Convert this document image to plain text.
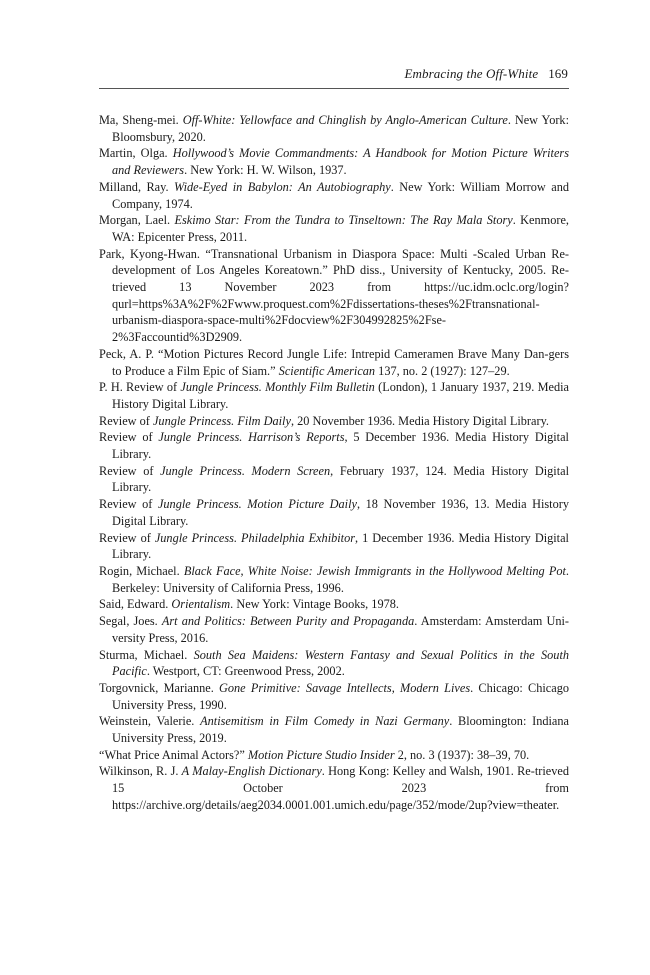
Embracing the Off-White 169
Ma, Sheng-mei. Off-White: Yellowface and Chinglish by Anglo-American Culture. New York: Bloomsbury, 2020.
Martin, Olga. Hollywood’s Movie Commandments: A Handbook for Motion Picture Writers and Reviewers. New York: H. W. Wilson, 1937.
Milland, Ray. Wide-Eyed in Babylon: An Autobiography. New York: William Morrow and Company, 1974.
Morgan, Lael. Eskimo Star: From the Tundra to Tinseltown: The Ray Mala Story. Kenmore, WA: Epicenter Press, 2011.
Park, Kyong-Hwan. “Transnational Urbanism in Diaspora Space: Multi -Scaled Urban Re-development of Los Angeles Koreatown.” PhD diss., University of Kentucky, 2005. Re-trieved 13 November 2023 from https://uc.idm.oclc.org/login?qurl=https%3A%2F%2Fwww.proquest.com%2Fdissertations-theses%2Ftransnational-urbanism-diaspora-space-multi%2Fdocview%2F304992825%2Fse-2%3Faccountid%3D2909.
Peck, A. P. “Motion Pictures Record Jungle Life: Intrepid Cameramen Brave Many Dan-gers to Produce a Film Epic of Siam.” Scientific American 137, no. 2 (1927): 127–29.
P. H. Review of Jungle Princess. Monthly Film Bulletin (London), 1 January 1937, 219. Media History Digital Library.
Review of Jungle Princess. Film Daily, 20 November 1936. Media History Digital Library.
Review of Jungle Princess. Harrison’s Reports, 5 December 1936. Media History Digital Library.
Review of Jungle Princess. Modern Screen, February 1937, 124. Media History Digital Library.
Review of Jungle Princess. Motion Picture Daily, 18 November 1936, 13. Media History Digital Library.
Review of Jungle Princess. Philadelphia Exhibitor, 1 December 1936. Media History Digital Library.
Rogin, Michael. Black Face, White Noise: Jewish Immigrants in the Hollywood Melting Pot. Berkeley: University of California Press, 1996.
Said, Edward. Orientalism. New York: Vintage Books, 1978.
Segal, Joes. Art and Politics: Between Purity and Propaganda. Amsterdam: Amsterdam Uni-versity Press, 2016.
Sturma, Michael. South Sea Maidens: Western Fantasy and Sexual Politics in the South Pacific. Westport, CT: Greenwood Press, 2002.
Torgovnick, Marianne. Gone Primitive: Savage Intellects, Modern Lives. Chicago: Chicago University Press, 1990.
Weinstein, Valerie. Antisemitism in Film Comedy in Nazi Germany. Bloomington: Indiana University Press, 2019.
“What Price Animal Actors?” Motion Picture Studio Insider 2, no. 3 (1937): 38–39, 70.
Wilkinson, R. J. A Malay-English Dictionary. Hong Kong: Kelley and Walsh, 1901. Re-trieved 15 October 2023 from https://archive.org/details/aeg2034.0001.001.umich.edu/page/352/mode/2up?view=theater.
